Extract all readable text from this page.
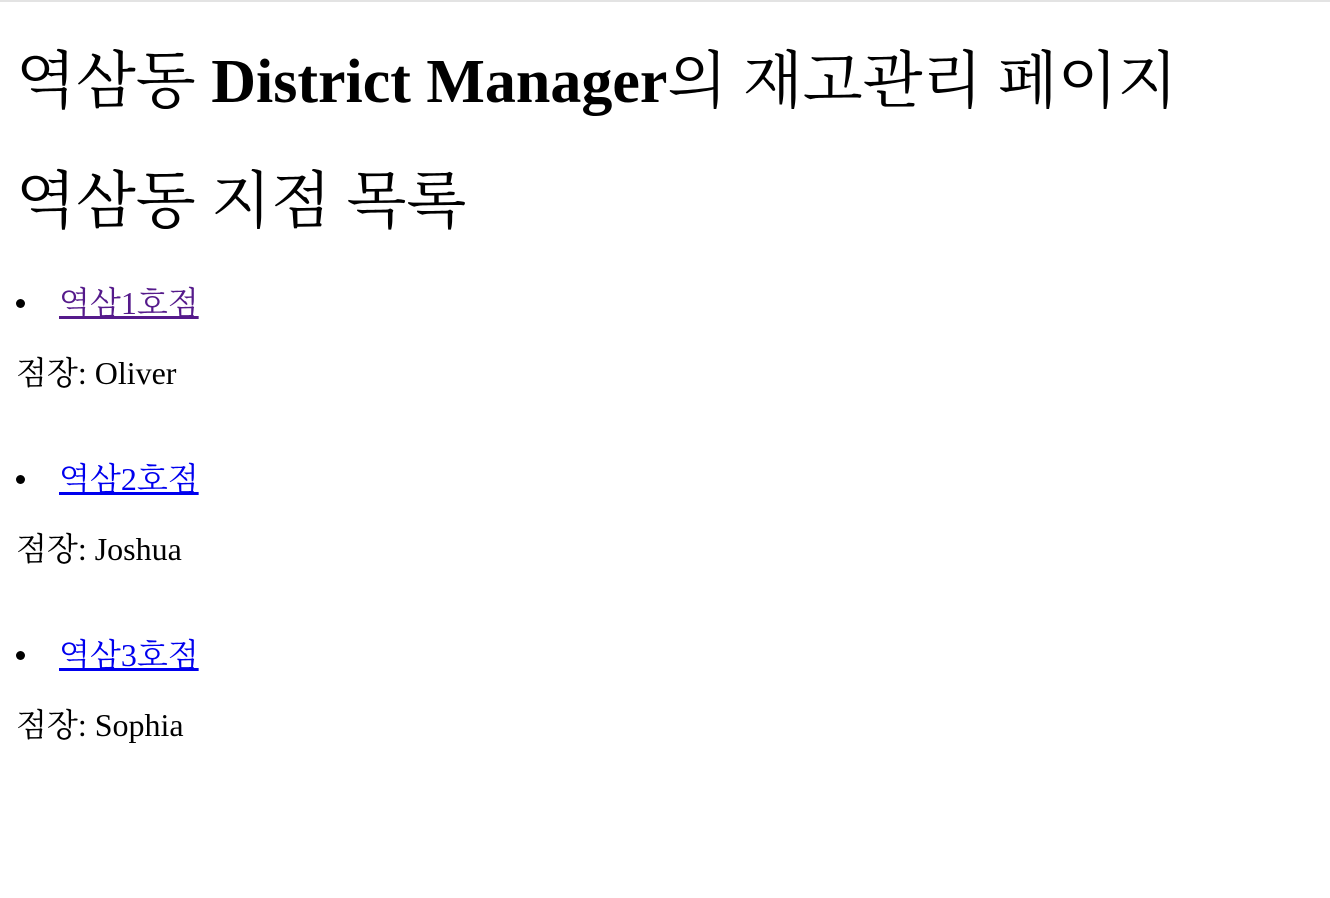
역삼동 District Manager의 재고관리 페이지
역삼동 지점 목록
역삼1호점
점장: Oliver
역삼2호점
점장: Joshua
역삼3호점
점장: Sophia
